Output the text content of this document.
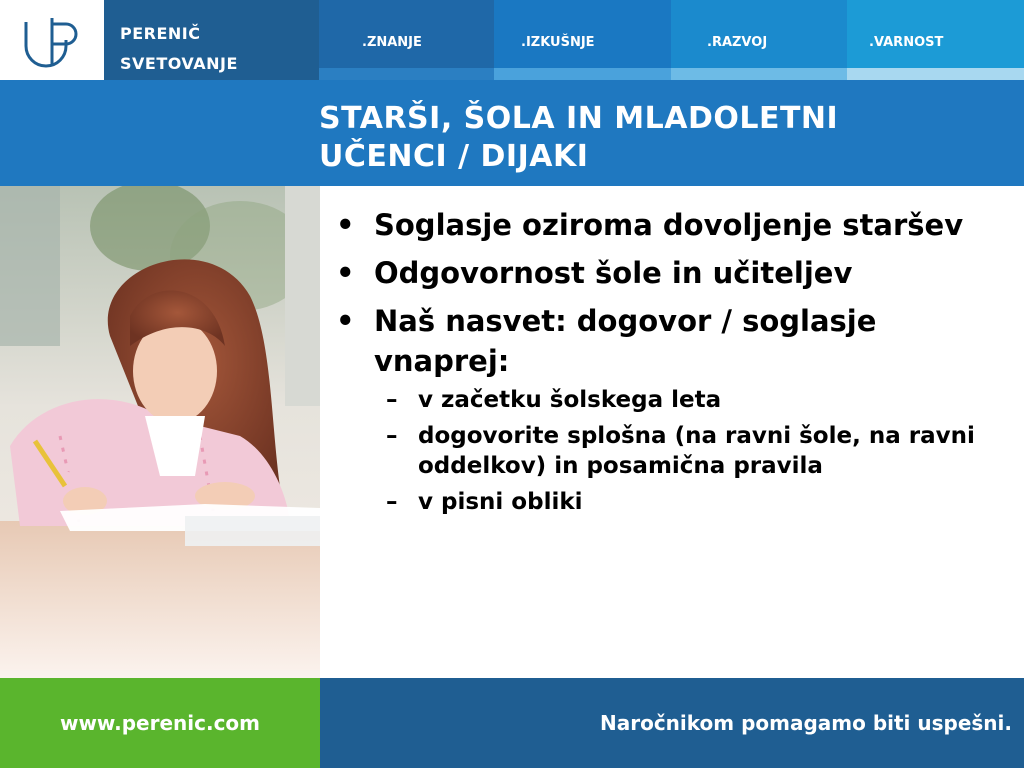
PERENIČ
SVETOVANJE
.ZNANJE	.IZKUŠNJE	.RAZVOJ	.VARNOST
STARŠI, ŠOLA IN MLADOLETNI
UČENCI / DIJAKI
• Soglasje oziroma dovoljenje staršev
• Odgovornost šole in učiteljev
• Naš nasvet: dogovor / soglasje vnaprej:
– v začetku šolskega leta
– dogovorite splošna (na ravni šole, na ravni oddelkov) in posamična pravila
– v pisni obliki
www.perenic.com	Naročnikom pomagamo biti uspešni.
